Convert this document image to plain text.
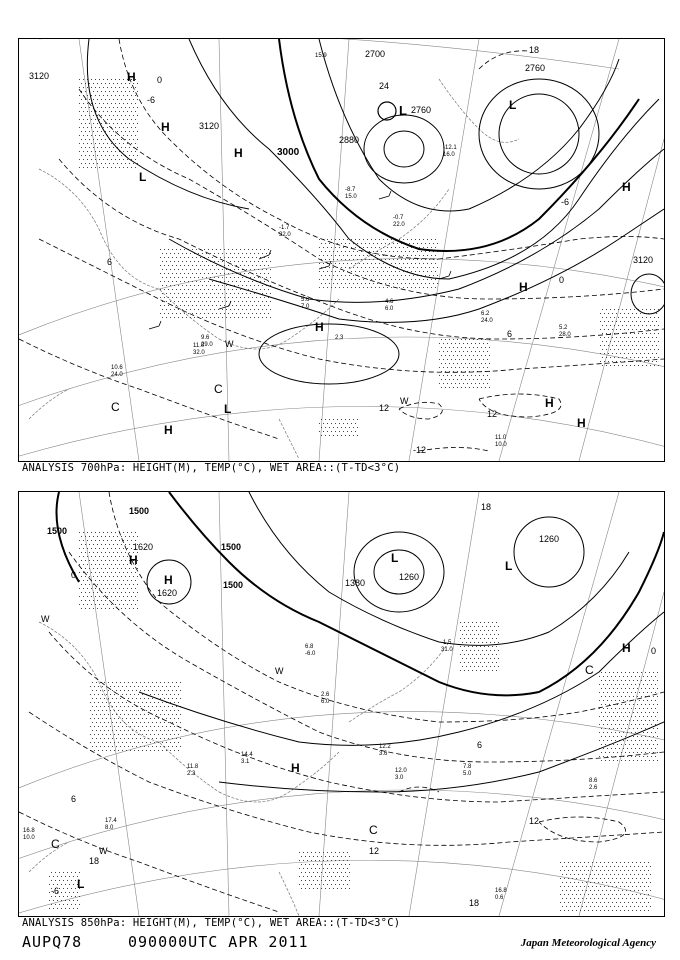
H
H
L
H
L	L
H
H
H
H
L
C
C	H
H
W
W
3120
3120
3000
2760
2760
2700
2880
3120
0
-6
-6
0
6
6
12
12
-12
18
24
15.9
11.0 10.0
6.2 24.0
5.2 28.0
9.6 29.0
11.0 32.0
10.6 24.0
-0.7 22.0
-12.1 16.0
4.6 6.0
-8.7 15.0
-1.7 32.0
5.6 7.0
2.3
ANALYSIS 700hPa: HEIGHT(M), TEMP(°C), WET AREA::(T-TD<3°C)
H
H
L
L
H
H
L
C
C
W
W
W
C
1500
1500
1500
1500
1620
1620
1380
1260
1260
0
0
6
6
12
12
18
18
18
-6
12.2 3.6
16.8 0.6
7.8 5.0
8.6 2.6
14.4 3.1
11.8 2.3
6.8 -6.0
2.6 6.0
12.0 3.0
-1.5 31.0
17.4 8.0
16.8 10.0
ANALYSIS 850hPa: HEIGHT(M), TEMP(°C), WET AREA::(T-TD<3°C)
AUPQ78	090000UTC APR 2011	Japan Meteorological Agency
